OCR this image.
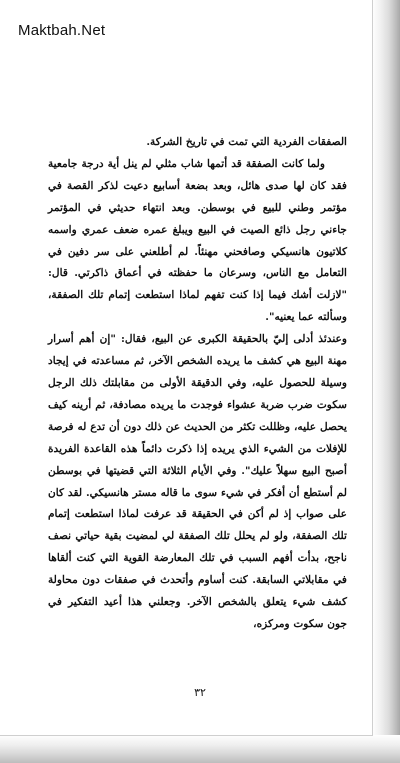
Maktbah.Net

الصفقات الفردية التي تمت في تاريخ الشركة.

ولما كانت الصفقة قد أتمها شاب مثلي لم ينل أية درجة جامعية فقد كان لها صدى هائل، وبعد بضعة أسابيع دعيت لذكر القصة في مؤتمر وطني للبيع في بوسطن. وبعد انتهاء حديثي في المؤتمر جاءني رجل ذائع الصيت في البيع ويبلغ عمره ضعف عمري واسمه كلاتيون هانسيكي وصافحني مهنئاً. لم أطلعني على سر دفين في التعامل مع الناس، وسرعان ما حفظته في أعماق ذاكرتي. قال: "لازلت أشك فيما إذا كنت تفهم لماذا استطعت إتمام تلك الصفقة، وسألته عما يعنيه".

وعندئذ أدلى إليّ بالحقيقة الكبرى عن البيع، فقال: "إن أهم أسرار مهنة البيع هي كشف ما يريده الشخص الآخر، ثم مساعدته في إيجاد وسيلة للحصول عليه، وفي الدقيقة الأولى من مقابلتك ذلك الرجل سكوت ضرب ضربة عشواء فوجدت ما يريده مصادفة، ثم أرينه كيف يحصل عليه، وظللت تكثر من الحديث عن ذلك دون أن تدع له فرصة للإفلات من الشيء الذي يريده إذا ذكرت دائماً هذه القاعدة الفريدة أصبح البيع سهلاً عليك". وفي الأيام الثلاثة التي قضيتها في بوسطن لم أستطع أن أفكر في شيء سوى ما قاله مستر هانسيكي. لقد كان على صواب إذ لم أكن في الحقيقة قد عرفت لماذا استطعت إتمام تلك الصفقة، ولو لم يحلل تلك الصفقة لي لمضيت بقية حياتي نصف ناجح، بدأت أفهم السبب في تلك المعارضة القوية التي كنت ألقاها في مقابلاتي السابقة. كنت أساوم وأتحدث في صفقات دون محاولة كشف شيء يتعلق بالشخص الآخر. وجعلني هذا أعيد التفكير في جون سكوت ومركزه،

٣٢
